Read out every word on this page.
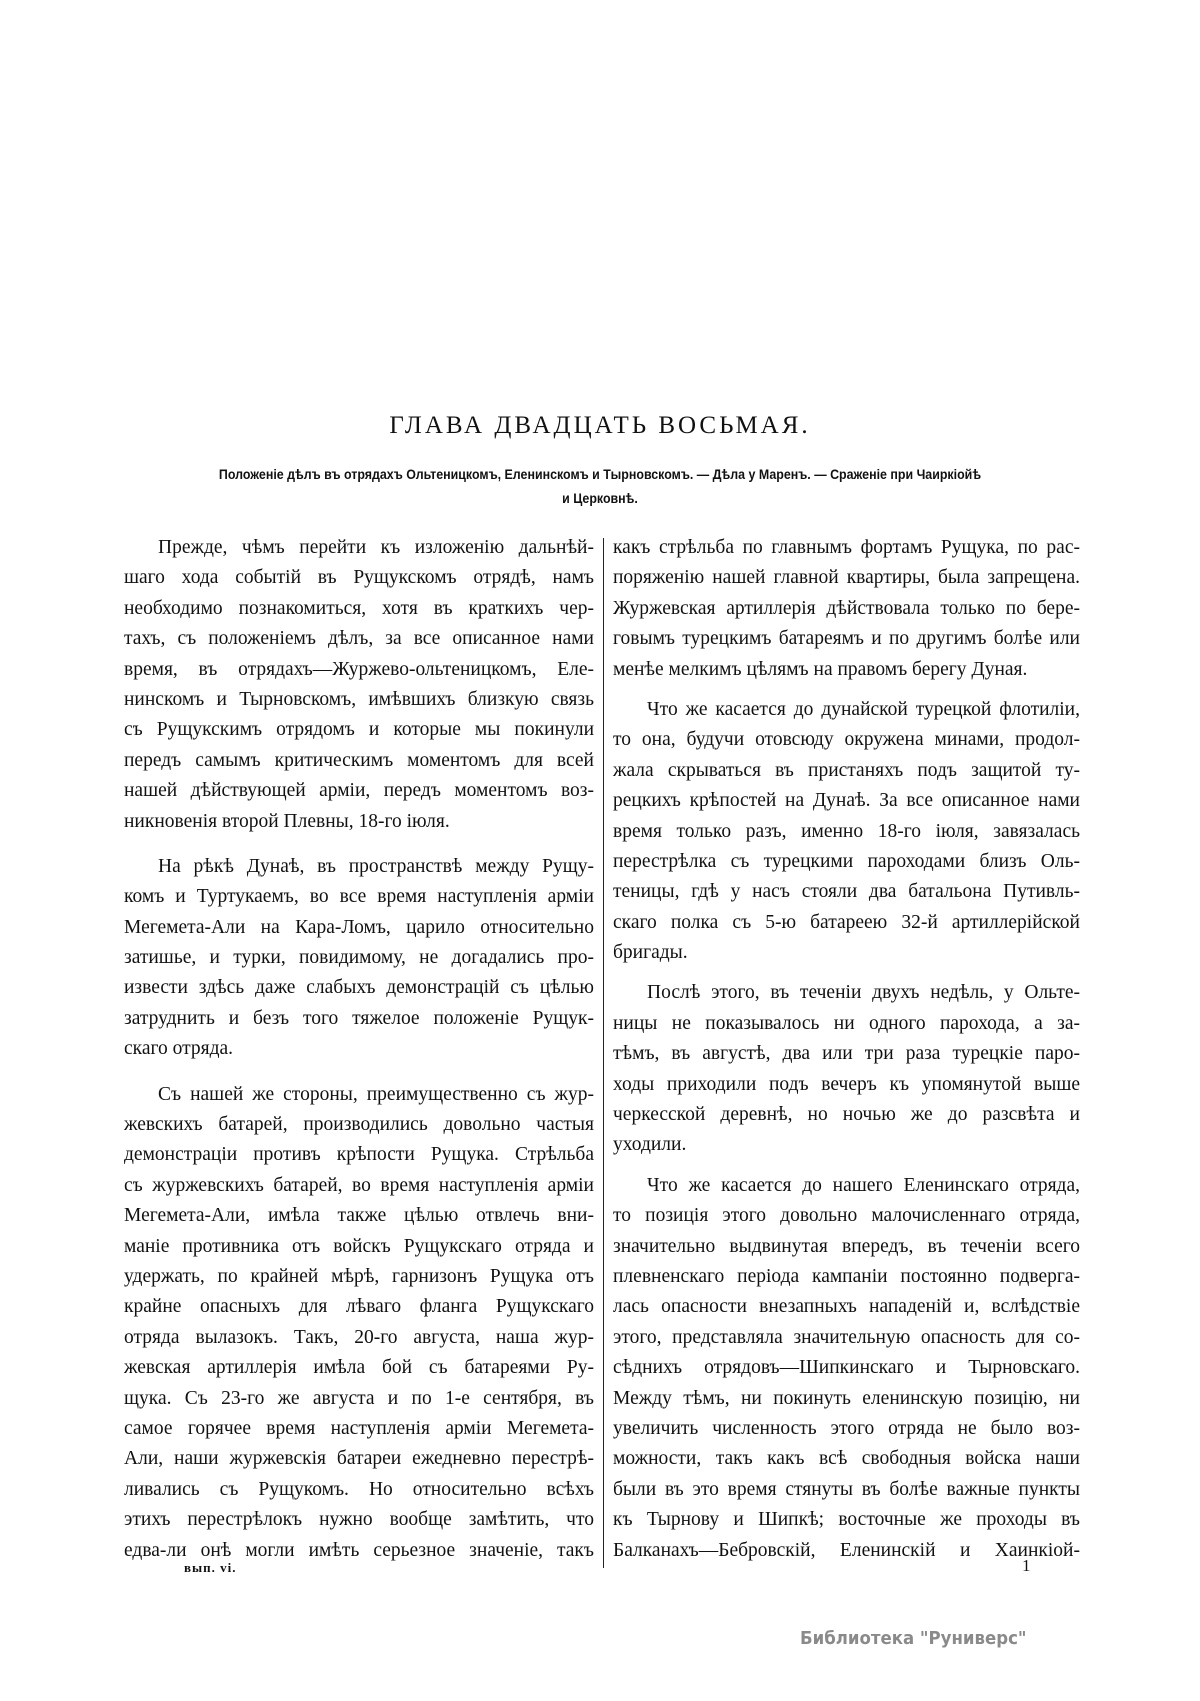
ГЛАВА ДВАДЦАТЬ ВОСЬМАЯ.
Положеніе дѣлъ въ отрядахъ Ольтеницкомъ, Еленинскомъ и Тырновскомъ. — Дѣла у Маренъ. — Сраженіе при Чаиркіойѣ
и Церковнѣ.
Прежде, чѣмъ перейти къ изложенію дальнѣй-
шаго хода событій въ Рущукскомъ отрядѣ, намъ
необходимо познакомиться, хотя въ краткихъ чер-
тахъ, съ положеніемъ дѣлъ, за все описанное нами
время, въ отрядахъ—Журжево-ольтеницкомъ, Еле-
нинскомъ и Тырновскомъ, имѣвшихъ близкую связь
съ Рущукскимъ отрядомъ и которые мы покинули
передъ самымъ критическимъ моментомъ для всей
нашей дѣйствующей арміи, передъ моментомъ воз-
никновенія второй Плевны, 18-го іюля.
На рѣкѣ Дунаѣ, въ пространствѣ между Рущу-
комъ и Туртукаемъ, во все время наступленія арміи
Мегемета-Али на Кара-Ломъ, царило относительно
затишье, и турки, повидимому, не догадались про-
извести здѣсь даже слабыхъ демонстрацій съ цѣлью
затруднить и безъ того тяжелое положеніе Рущук-
скаго отряда.
Съ нашей же стороны, преимущественно съ жур-
жевскихъ батарей, производились довольно частыя
демонстраціи противъ крѣпости Рущука. Стрѣльба
съ журжевскихъ батарей, во время наступленія арміи
Мегемета-Али, имѣла также цѣлью отвлечь вни-
маніе противника отъ войскъ Рущукскаго отряда и
удержать, по крайней мѣрѣ, гарнизонъ Рущука отъ
крайне опасныхъ для лѣваго фланга Рущукскаго
отряда вылазокъ. Такъ, 20-го августа, наша жур-
жевская артиллерія имѣла бой съ батареями Ру-
щука. Съ 23-го же августа и по 1-е сентября, въ
самое горячее время наступленія арміи Мегемета-
Али, наши журжевскія батареи ежедневно перестрѣ-
ливались съ Рущукомъ. Но относительно всѣхъ
этихъ перестрѣлокъ нужно вообще замѣтить, что
едва-ли онѣ могли имѣть серьезное значеніе, такъ
какъ стрѣльба по главнымъ фортамъ Рущука, по рас-
поряженію нашей главной квартиры, была запрещена.
Журжевская артиллерія дѣйствовала только по бере-
говымъ турецкимъ батареямъ и по другимъ болѣе или
менѣе мелкимъ цѣлямъ на правомъ берегу Дуная.
Что же касается до дунайской турецкой флотиліи,
то она, будучи отовсюду окружена минами, продол-
жала скрываться въ пристаняхъ подъ защитой ту-
рецкихъ крѣпостей на Дунаѣ. За все описанное нами
время только разъ, именно 18-го іюля, завязалась
перестрѣлка съ турецкими пароходами близъ Оль-
теницы, гдѣ у насъ стояли два батальона Путивль-
скаго полка съ 5-ю батареею 32-й артиллерійской
бригады.
Послѣ этого, въ теченіи двухъ недѣль, у Ольте-
ницы не показывалось ни одного парохода, а за-
тѣмъ, въ августѣ, два или три раза турецкіе паро-
ходы приходили подъ вечеръ къ упомянутой выше
черкесской деревнѣ, но ночью же до разсвѣта и
уходили.
Что же касается до нашего Еленинскаго отряда,
то позиція этого довольно малочисленнаго отряда,
значительно выдвинутая впередъ, въ теченіи всего
плевненскаго періода кампаніи постоянно подверга-
лась опасности внезапныхъ нападеній и, вслѣдствіе
этого, представляла значительную опасность для со-
сѣднихъ отрядовъ—Шипкинскаго и Тырновскаго.
Между тѣмъ, ни покинуть еленинскую позицію, ни
увеличить численность этого отряда не было воз-
можности, такъ какъ всѣ свободныя войска наши
были въ это время стянуты въ болѣе важные пункты
къ Тырнову и Шипкѣ; восточные же проходы въ
Балканахъ—Бебровскій, Еленинскій и Хаинкіой-
вып. vi.	1
Библиотека "Руниверс"
